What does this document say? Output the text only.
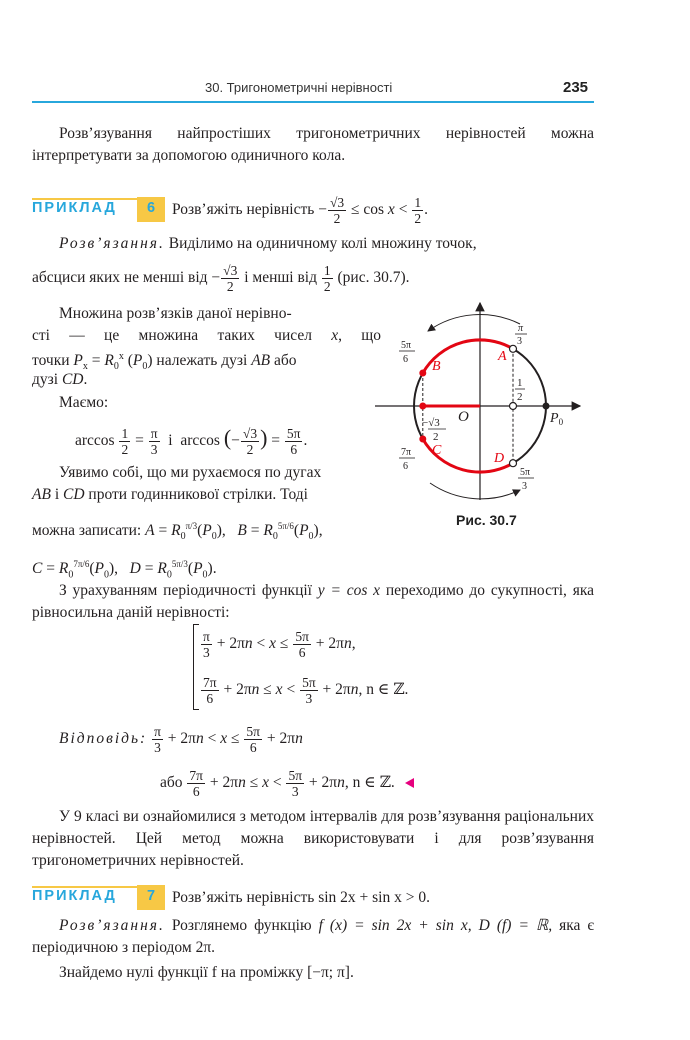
30. Тригонометричні нерівності	235
Розв’язування найпростіших тригонометричних нерівностей можна інтерпретувати за допомогою одиничного кола.
ПРИКЛАД	6	Розв’яжіть нерівність − $\frac{√3}{2} \le \cos x < \frac{1}{2}$ .
Розв’язання. Виділимо на одиничному колі множину точок,
абсциси яких не менші від − $\frac{√3}{2}$ і менші від $\frac{1}{2} (рис$. 30.7).
Множина розв’язків даної нерівно-
сті — це множина таких чисел x, що
точки $P_x = R_0^x$ $(P_0)$ належать дузі AB або
дузі CD.
Маємо:
$\arccos \frac{1}{2} = \frac{\pi}{3}$ і arccos (− $\frac{√3}{2}$ ) = $\frac{5\pi}{6}$ .
Уявимо собі, що ми рухаємося по дугах
AB і CD проти годинникової стрілки. Тоді
можна записати: $A = R_0^{\pi/3}(P_0)$,   $B = R_0^{5\pi/6}(P_0)$,
$C = R_0^{7\pi/6}(P_0)$,   $D = R_0^{5\pi/3}(P_0)$.
З урахуванням періодичності функції y = cos x переходимо до сукупності, яка рівносильна даній нерівності:
$\frac{\pi}{3} + 2\pi n < x \le \frac{5\pi}{6} + 2\pi n$,
$\frac{7\pi}{6} + 2\pi n \le x < \frac{5\pi}{3} + 2\pi n$, n ∈ ℤ.
Відповідь: $\frac{\pi}{3} + 2\pi n < x \le \frac{5\pi}{6} + 2\pi n$
або $\frac{7\pi}{6} + 2\pi n \le x < \frac{5\pi}{3} + 2\pi n$, n ∈ ℤ.
У 9 класі ви ознайомилися з методом інтервалів для розв’язування раціональних нерівностей. Цей метод можна використовувати і для розв’язування тригонометричних нерівностей.
ПРИКЛАД	7	Розв’яжіть нерівність sin 2x + sin x > 0.
Розв’язання. Розглянемо функцію f (x) = sin 2x + sin x, D (f) = ℝ, яка є періодичною з періодом 2π.
Знайдемо нулі функції f на проміжку [−π; π].
A
B
C
D
O	$P_0$
π
3
5π
6
7π
6
5π
3
1
2
−√3
2
Рис. 30.7
